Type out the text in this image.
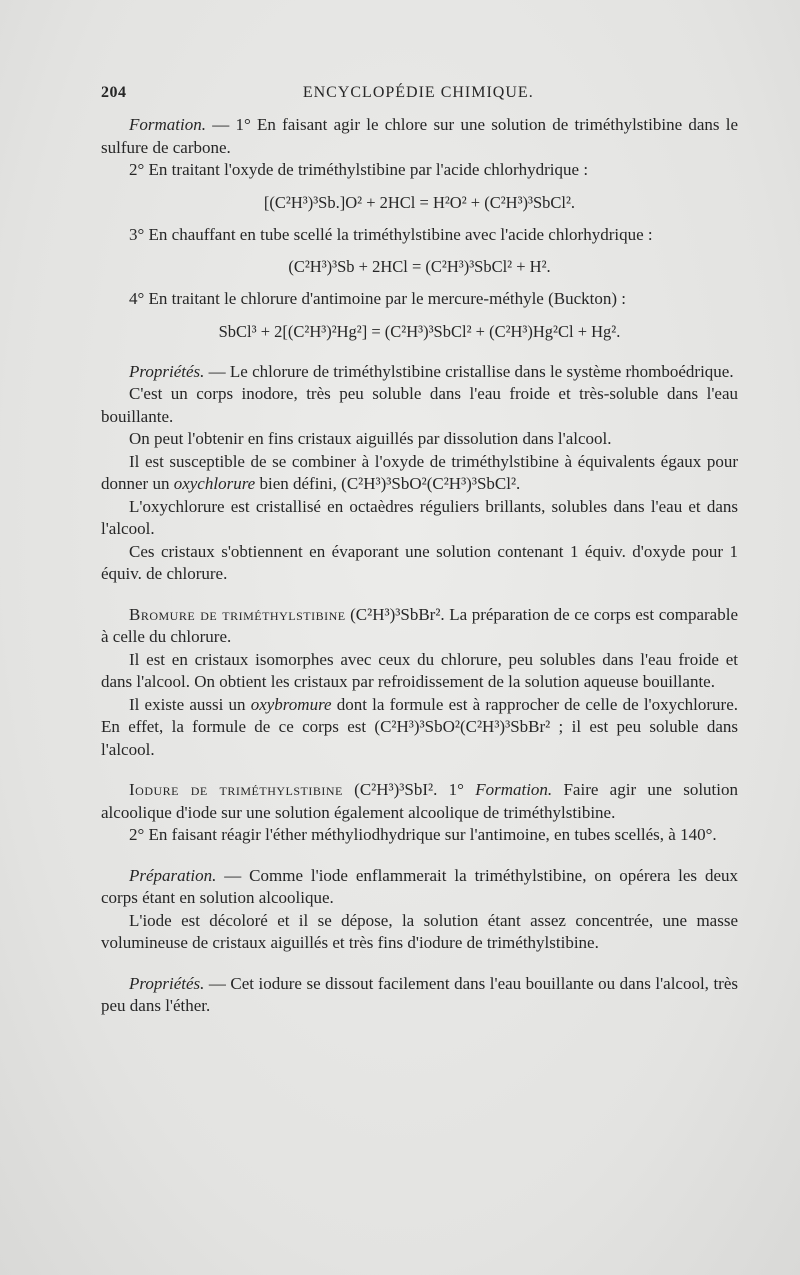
204	ENCYCLOPÉDIE CHIMIQUE.

Formation. — 1° En faisant agir le chlore sur une solution de triméthylstibine dans le sulfure de carbone.

2° En traitant l'oxyde de triméthylstibine par l'acide chlorhydrique :

[(C²H³)³Sb.]O² + 2HCl = H²O² + (C²H³)³SbCl².

3° En chauffant en tube scellé la triméthylstibine avec l'acide chlorhydrique :

(C²H³)³Sb + 2HCl = (C²H³)³SbCl² + H².

4° En traitant le chlorure d'antimoine par le mercure-méthyle (Buckton) :

SbCl³ + 2[(C²H³)²Hg²] = (C²H³)³SbCl² + (C²H³)Hg²Cl + Hg².

Propriétés. — Le chlorure de triméthylstibine cristallise dans le système rhomboédrique.

C'est un corps inodore, très peu soluble dans l'eau froide et très-soluble dans l'eau bouillante.

On peut l'obtenir en fins cristaux aiguillés par dissolution dans l'alcool.

Il est susceptible de se combiner à l'oxyde de triméthylstibine à équivalents égaux pour donner un oxychlorure bien défini, (C²H³)³SbO²(C²H³)³SbCl².

L'oxychlorure est cristallisé en octaèdres réguliers brillants, solubles dans l'eau et dans l'alcool.

Ces cristaux s'obtiennent en évaporant une solution contenant 1 équiv. d'oxyde pour 1 équiv. de chlorure.

Bromure de triméthylstibine (C²H³)³SbBr². La préparation de ce corps est comparable à celle du chlorure.

Il est en cristaux isomorphes avec ceux du chlorure, peu solubles dans l'eau froide et dans l'alcool. On obtient les cristaux par refroidissement de la solution aqueuse bouillante.

Il existe aussi un oxybromure dont la formule est à rapprocher de celle de l'oxychlorure. En effet, la formule de ce corps est (C²H³)³SbO²(C²H³)³SbBr² ; il est peu soluble dans l'alcool.

Iodure de triméthylstibine (C²H³)³SbI². 1° Formation. Faire agir une solution alcoolique d'iode sur une solution également alcoolique de triméthylstibine.

2° En faisant réagir l'éther méthyliodhydrique sur l'antimoine, en tubes scellés, à 140°.

Préparation. — Comme l'iode enflammerait la triméthylstibine, on opérera les deux corps étant en solution alcoolique.

L'iode est décoloré et il se dépose, la solution étant assez concentrée, une masse volumineuse de cristaux aiguillés et très fins d'iodure de triméthylstibine.

Propriétés. — Cet iodure se dissout facilement dans l'eau bouillante ou dans l'alcool, très peu dans l'éther.
